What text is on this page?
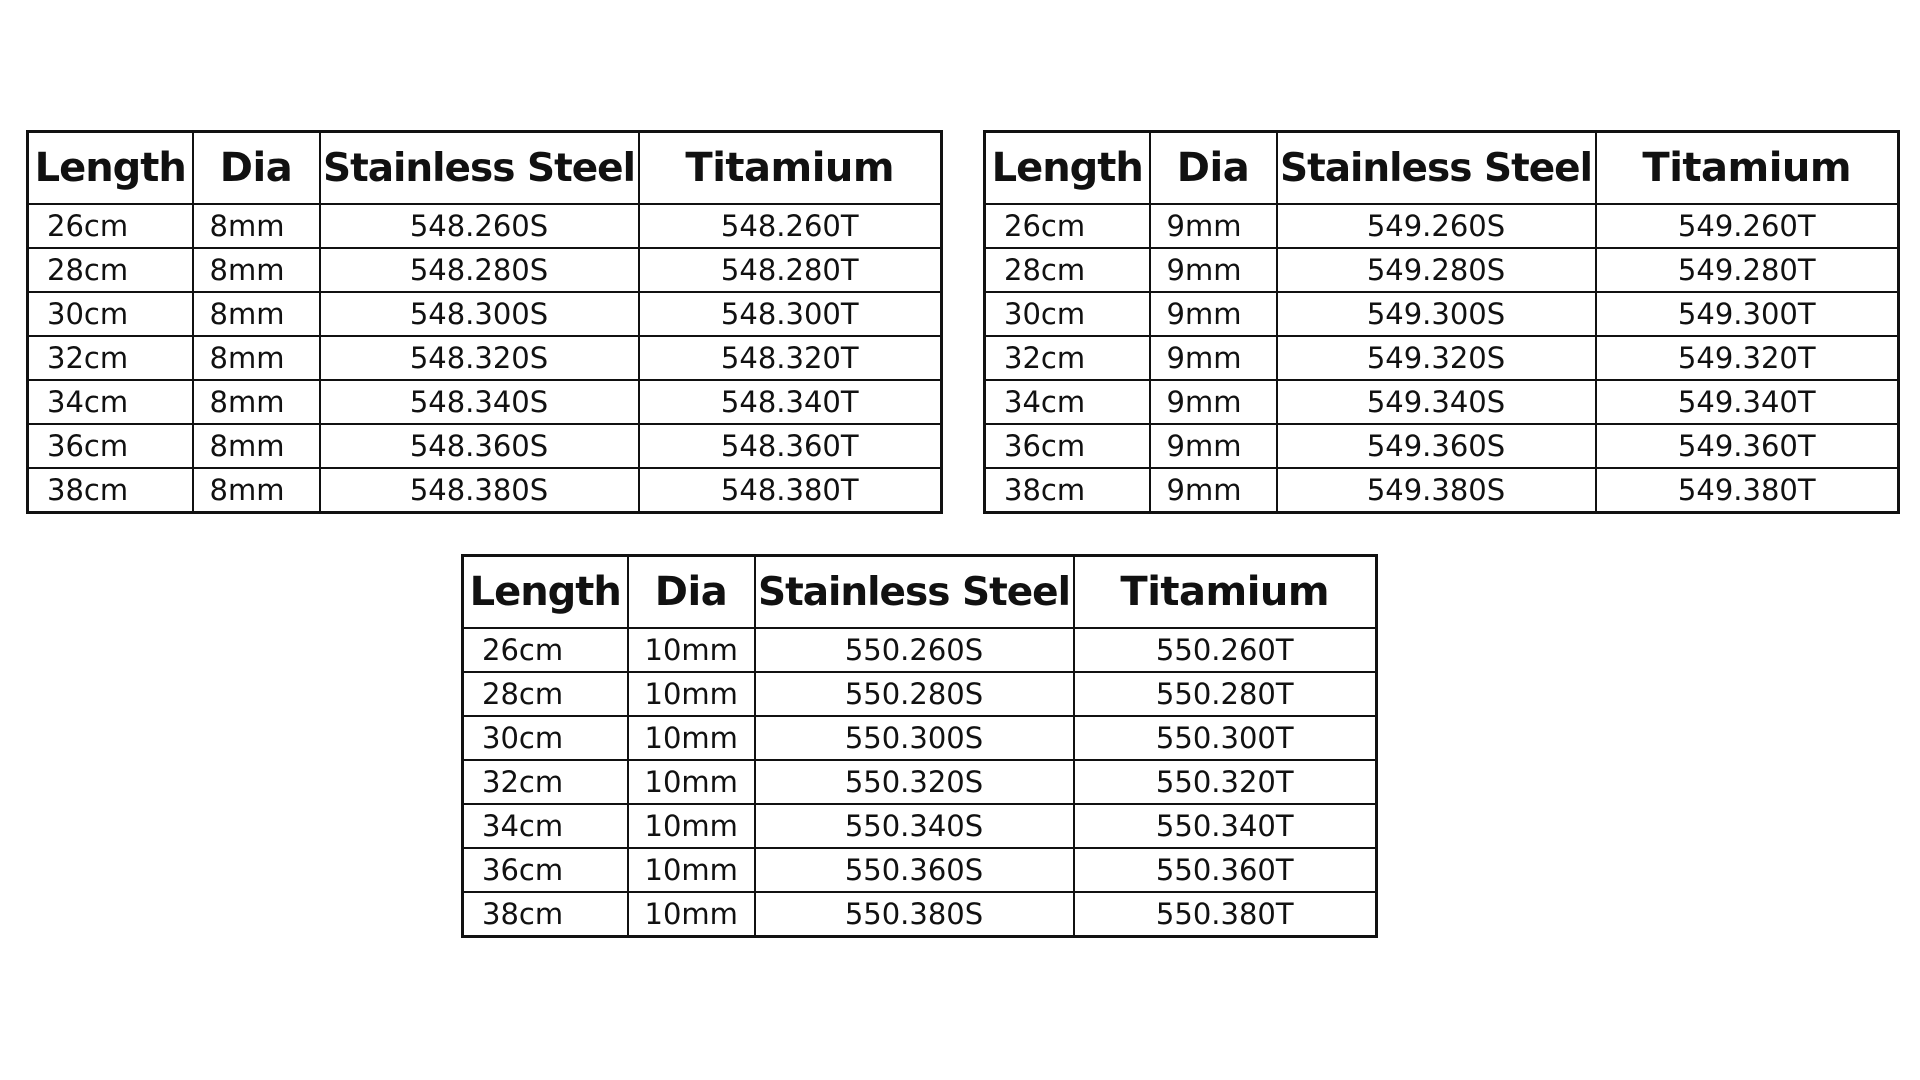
Length	Dia	Stainless Steel	Titamium
26cm	8mm	548.260S	548.260T
28cm	8mm	548.280S	548.280T
30cm	8mm	548.300S	548.300T
32cm	8mm	548.320S	548.320T
34cm	8mm	548.340S	548.340T
36cm	8mm	548.360S	548.360T
38cm	8mm	548.380S	548.380T
Length	Dia	Stainless Steel	Titamium
26cm	9mm	549.260S	549.260T
28cm	9mm	549.280S	549.280T
30cm	9mm	549.300S	549.300T
32cm	9mm	549.320S	549.320T
34cm	9mm	549.340S	549.340T
36cm	9mm	549.360S	549.360T
38cm	9mm	549.380S	549.380T
Length	Dia	Stainless Steel	Titamium
26cm	10mm	550.260S	550.260T
28cm	10mm	550.280S	550.280T
30cm	10mm	550.300S	550.300T
32cm	10mm	550.320S	550.320T
34cm	10mm	550.340S	550.340T
36cm	10mm	550.360S	550.360T
38cm	10mm	550.380S	550.380T
